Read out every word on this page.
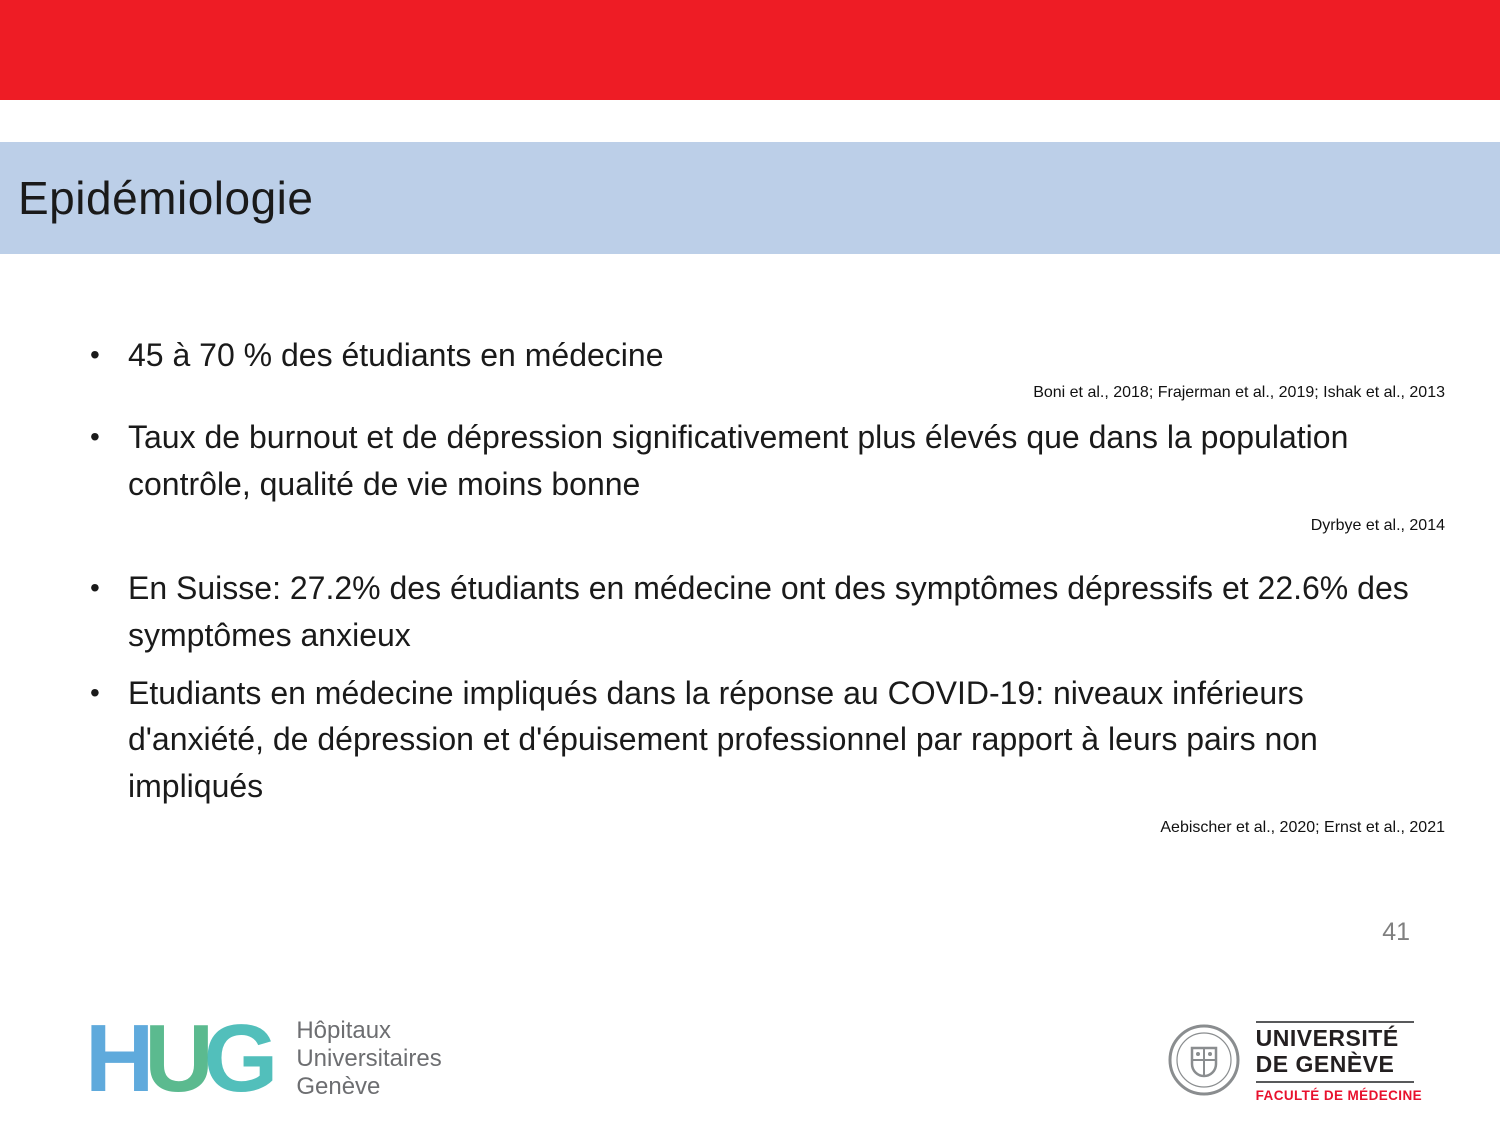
Epidémiologie
• 45 à 70 % des étudiants en médecine
Boni et al., 2018; Frajerman et al., 2019; Ishak et al., 2013
• Taux de burnout et de dépression significativement plus élevés que dans la population contrôle, qualité de vie moins bonne
Dyrbye et al., 2014
• En Suisse: 27.2% des étudiants en médecine ont des symptômes dépressifs et 22.6% des symptômes anxieux
• Etudiants en médecine impliqués dans la réponse au COVID-19: niveaux inférieurs d'anxiété, de dépression et d'épuisement professionnel par rapport à leurs pairs non impliqués
Aebischer et al., 2020; Ernst et al., 2021
41
HUG Hôpitaux
Universitaires
Genève
UNIVERSITÉ
DE GENÈVE
FACULTÉ DE MÉDECINE
